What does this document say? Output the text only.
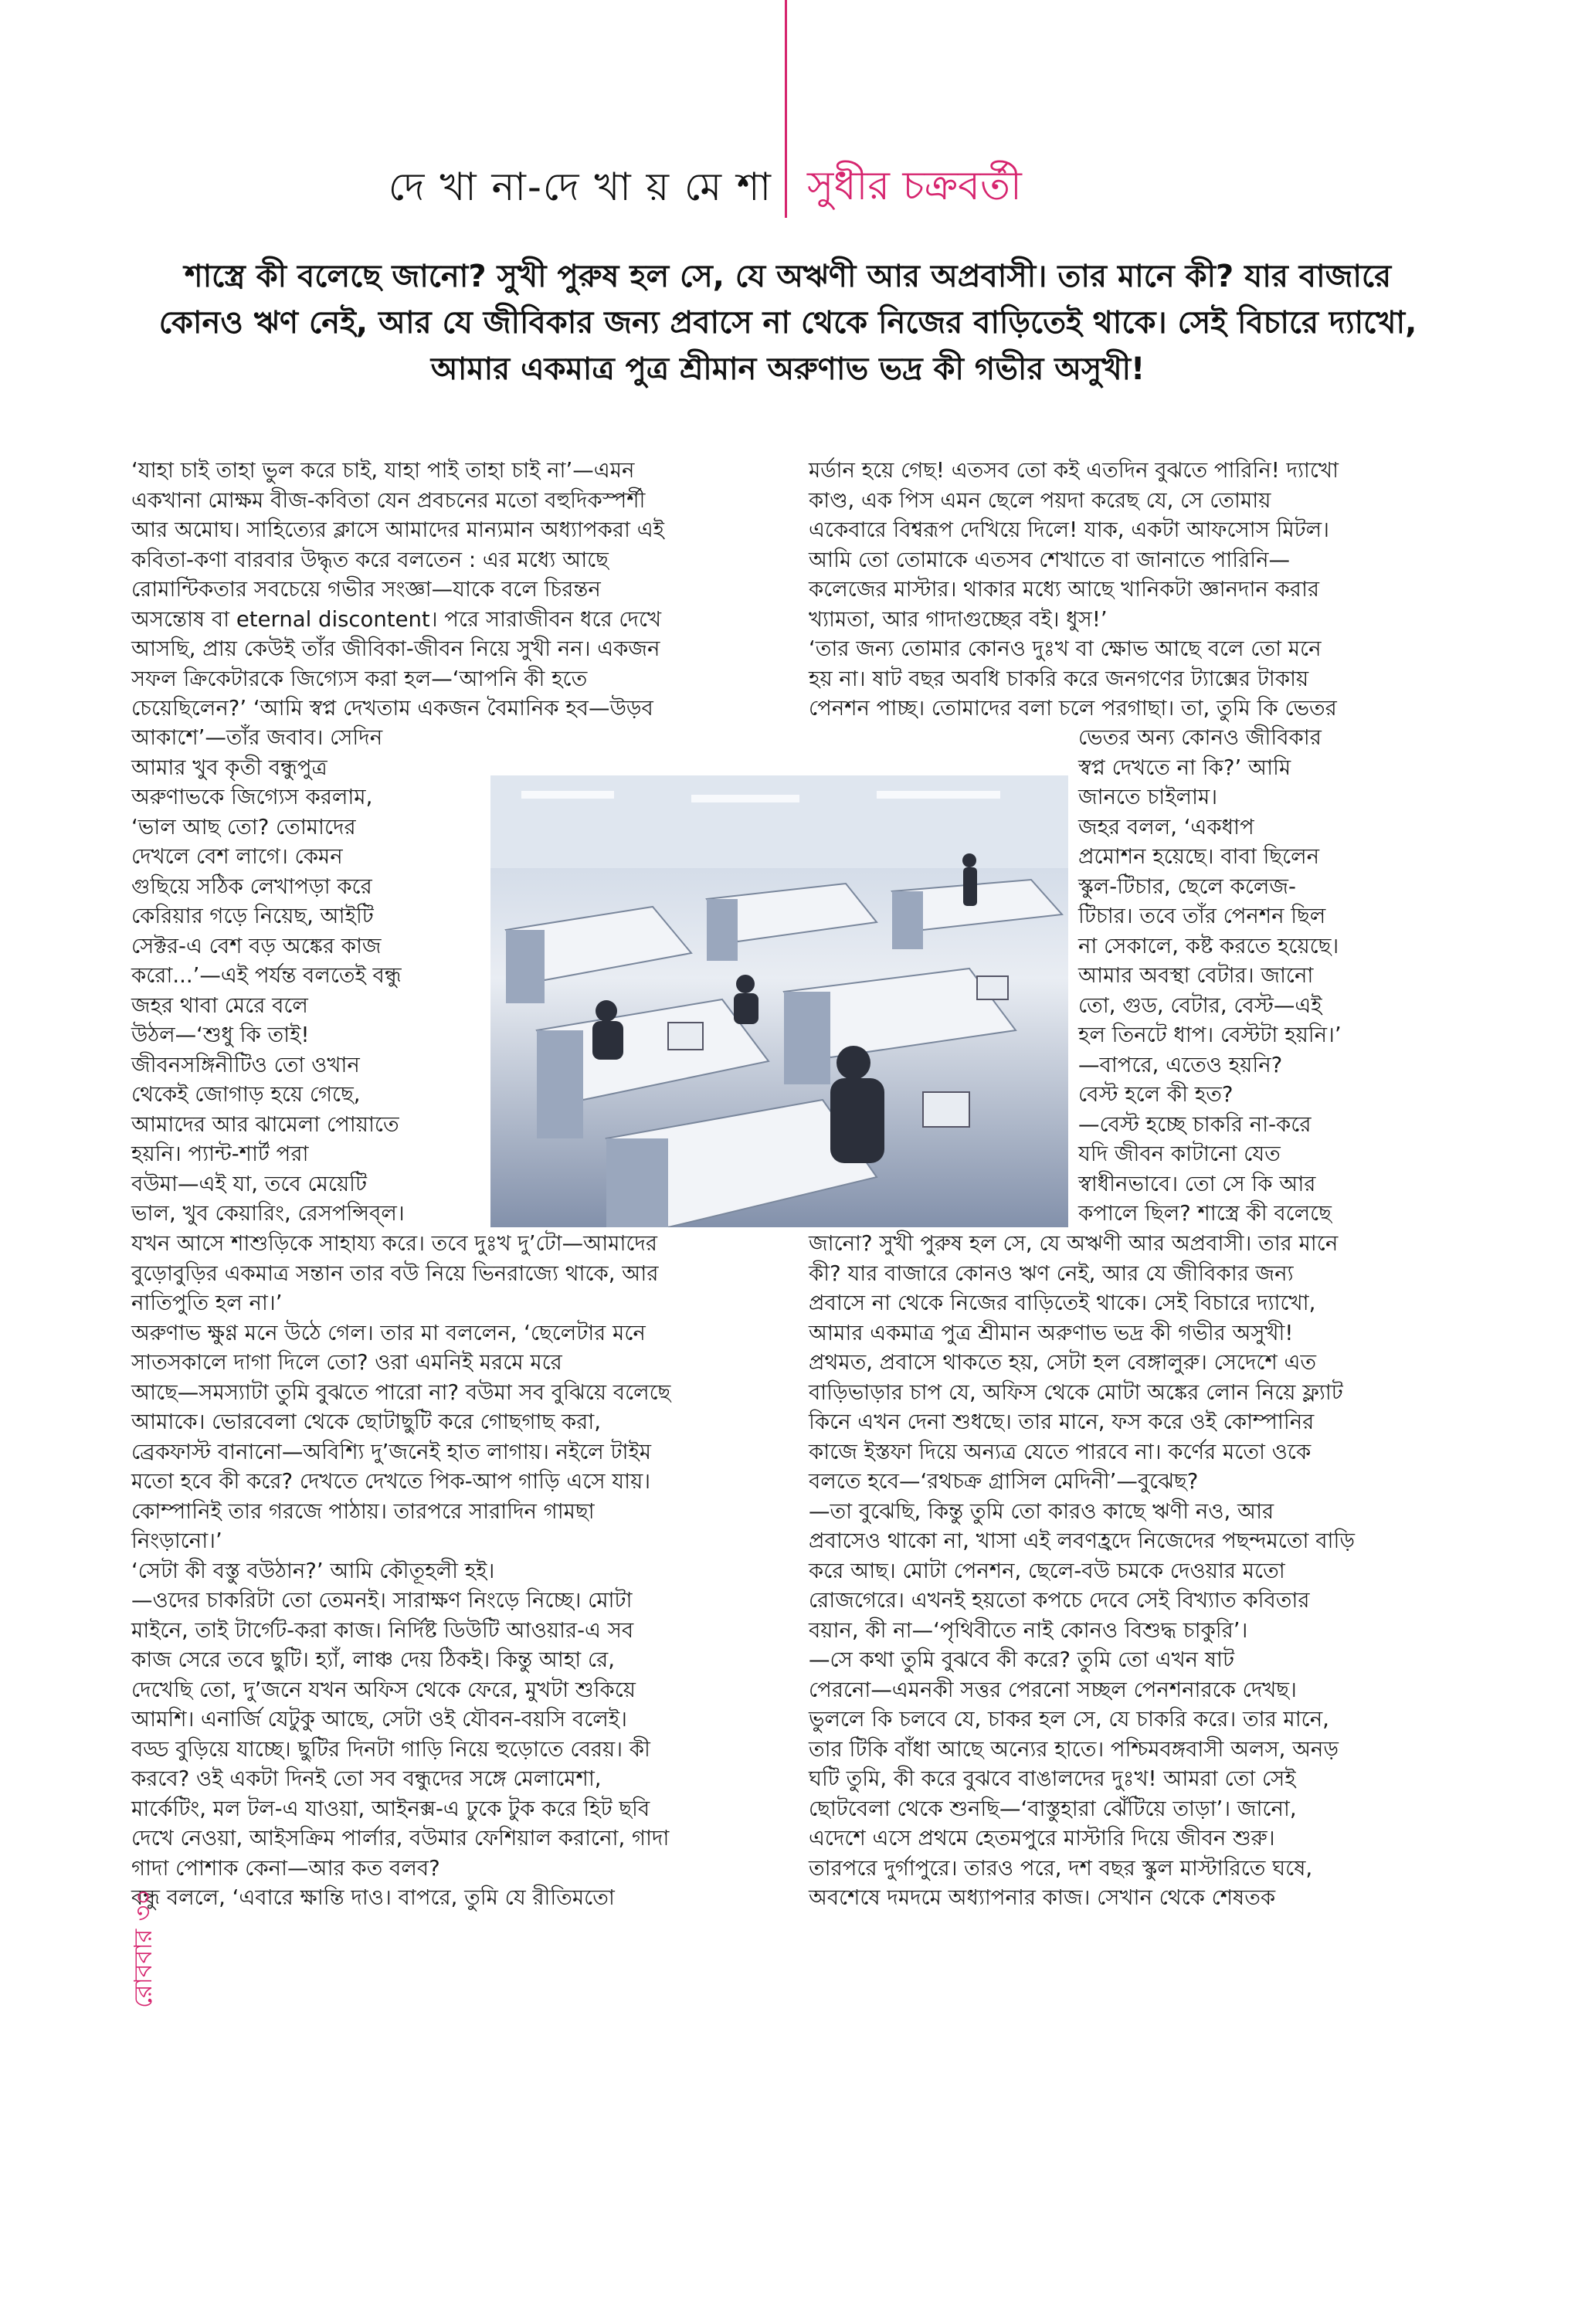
দে খা না-দে খা য় মে শা সুধীর চক্রবর্তী
শাস্ত্রে কী বলেছে জানো? সুখী পুরুষ হল সে, যে অঋণী আর অপ্রবাসী। তার মানে কী? যার বাজারে
কোনও ঋণ নেই, আর যে জীবিকার জন্য প্রবাসে না থেকে নিজের বাড়িতেই থাকে। সেই বিচারে দ্যাখো,
আমার একমাত্র পুত্র শ্রীমান অরুণাভ ভদ্র কী গভীর অসুখী!
‘যাহা চাই তাহা ভুল করে চাই, যাহা পাই তাহা চাই না’—এমন
একখানা মোক্ষম বীজ-কবিতা যেন প্রবচনের মতো বহুদিকস্পর্শী
আর অমোঘ। সাহিত্যের ক্লাসে আমাদের মান্যমান অধ্যাপকরা এই
কবিতা-কণা বারবার উদ্ধৃত করে বলতেন : এর মধ্যে আছে
রোমান্টিকতার সবচেয়ে গভীর সংজ্ঞা—যাকে বলে চিরন্তন
অসন্তোষ বা eternal discontent। পরে সারাজীবন ধরে দেখে
আসছি, প্রায় কেউই তাঁর জীবিকা-জীবন নিয়ে সুখী নন। একজন
সফল ক্রিকেটারকে জিগ্যেস করা হল—‘আপনি কী হতে
চেয়েছিলেন?’ ‘আমি স্বপ্ন দেখতাম একজন বৈমানিক হব—উড়ব
আকাশে’—তাঁর জবাব। সেদিন
আমার খুব কৃতী বন্ধুপুত্র
অরুণাভকে জিগ্যেস করলাম,
‘ভাল আছ তো? তোমাদের
দেখলে বেশ লাগে। কেমন
গুছিয়ে সঠিক লেখাপড়া করে
কেরিয়ার গড়ে নিয়েছ, আইটি
সেক্টর-এ বেশ বড় অঙ্কের কাজ
করো...’—এই পর্যন্ত বলতেই বন্ধু
জহর থাবা মেরে বলে
উঠল—‘শুধু কি তাই!
জীবনসঙ্গিনীটিও তো ওখান
থেকেই জোগাড় হয়ে গেছে,
আমাদের আর ঝামেলা পোয়াতে
হয়নি। প্যান্ট-শার্ট পরা
বউমা—এই যা, তবে মেয়েটি
ভাল, খুব কেয়ারিং, রেসপন্সিব্‌ল।
যখন আসে শাশুড়িকে সাহায্য করে। তবে দুঃখ দু’টো—আমাদের
বুড়োবুড়ির একমাত্র সন্তান তার বউ নিয়ে ভিনরাজ্যে থাকে, আর
নাতিপুতি হল না।’
অরুণাভ ক্ষুণ্ণ মনে উঠে গেল। তার মা বললেন, ‘ছেলেটার মনে
সাতসকালে দাগা দিলে তো? ওরা এমনিই মরমে মরে
আছে—সমস্যাটা তুমি বুঝতে পারো না? বউমা সব বুঝিয়ে বলেছে
আমাকে। ভোরবেলা থেকে ছোটাছুটি করে গোছগাছ করা,
ব্রেকফাস্ট বানানো—অবিশ্যি দু’জনেই হাত লাগায়। নইলে টাইম
মতো হবে কী করে? দেখতে দেখতে পিক-আপ গাড়ি এসে যায়।
কোম্পানিই তার গরজে পাঠায়। তারপরে সারাদিন গামছা
নিংড়ানো।’
‘সেটা কী বস্তু বউঠান?’ আমি কৌতূহলী হই।
—ওদের চাকরিটা তো তেমনই। সারাক্ষণ নিংড়ে নিচ্ছে। মোটা
মাইনে, তাই টার্গেট-করা কাজ। নির্দিষ্ট ডিউটি আওয়ার-এ সব
কাজ সেরে তবে ছুটি। হ্যাঁ, লাঞ্চ দেয় ঠিকই। কিন্তু আহা রে,
দেখেছি তো, দু’জনে যখন অফিস থেকে ফেরে, মুখটা শুকিয়ে
আমশি। এনার্জি যেটুকু আছে, সেটা ওই যৌবন-বয়সি বলেই।
বড্ড বুড়িয়ে যাচ্ছে। ছুটির দিনটা গাড়ি নিয়ে হুড়োতে বেরয়। কী
করবে? ওই একটা দিনই তো সব বন্ধুদের সঙ্গে মেলামেশা,
মার্কেটিং, মল টল-এ যাওয়া, আইনক্স-এ ঢুকে টুক করে হিট ছবি
দেখে নেওয়া, আইসক্রিম পার্লার, বউমার ফেশিয়াল করানো, গাদা
গাদা পোশাক কেনা—আর কত বলব?
বন্ধু বললে, ‘এবারে ক্ষান্তি দাও। বাপরে, তুমি যে রীতিমতো
মর্ডান হয়ে গেছ! এতসব তো কই এতদিন বুঝতে পারিনি! দ্যাখো
কাণ্ড, এক পিস এমন ছেলে পয়দা করেছ যে, সে তোমায়
একেবারে বিশ্বরূপ দেখিয়ে দিলে! যাক, একটা আফসোস মিটল।
আমি তো তোমাকে এতসব শেখাতে বা জানাতে পারিনি—
কলেজের মাস্টার। থাকার মধ্যে আছে খানিকটা জ্ঞানদান করার
খ্যামতা, আর গাদাগুচ্ছের বই। ধুস!’
‘তার জন্য তোমার কোনও দুঃখ বা ক্ষোভ আছে বলে তো মনে
হয় না। ষাট বছর অবধি চাকরি করে জনগণের ট্যাক্সের টাকায়
পেনশন পাচ্ছ। তোমাদের বলা চলে পরগাছা। তা, তুমি কি ভেতর
ভেতর অন্য কোনও জীবিকার
স্বপ্ন দেখতে না কি?’ আমি
জানতে চাইলাম।
জহর বলল, ‘একধাপ
প্রমোশন হয়েছে। বাবা ছিলেন
স্কুল-টিচার, ছেলে কলেজ-
টিচার। তবে তাঁর পেনশন ছিল
না সেকালে, কষ্ট করতে হয়েছে।
আমার অবস্থা বেটার। জানো
তো, গুড, বেটার, বেস্ট—এই
হল তিনটে ধাপ। বেস্টটা হয়নি।’
—বাপরে, এতেও হয়নি?
বেস্ট হলে কী হত?
—বেস্ট হচ্ছে চাকরি না-করে
যদি জীবন কাটানো যেত
স্বাধীনভাবে। তো সে কি আর
কপালে ছিল? শাস্ত্রে কী বলেছে
জানো? সুখী পুরুষ হল সে, যে অঋণী আর অপ্রবাসী। তার মানে
কী? যার বাজারে কোনও ঋণ নেই, আর যে জীবিকার জন্য
প্রবাসে না থেকে নিজের বাড়িতেই থাকে। সেই বিচারে দ্যাখো,
আমার একমাত্র পুত্র শ্রীমান অরুণাভ ভদ্র কী গভীর অসুখী!
প্রথমত, প্রবাসে থাকতে হয়, সেটা হল বেঙ্গালুরু। সেদেশে এত
বাড়িভাড়ার চাপ যে, অফিস থেকে মোটা অঙ্কের লোন নিয়ে ফ্ল্যাট
কিনে এখন দেনা শুধছে। তার মানে, ফস করে ওই কোম্পানির
কাজে ইস্তফা দিয়ে অন্যত্র যেতে পারবে না। কর্ণের মতো ওকে
বলতে হবে—‘রথচক্র গ্রাসিল মেদিনী’—বুঝেছ?
—তা বুঝেছি, কিন্তু তুমি তো কারও কাছে ঋণী নও, আর
প্রবাসেও থাকো না, খাসা এই লবণহ্রদে নিজেদের পছন্দমতো বাড়ি
করে আছ। মোটা পেনশন, ছেলে-বউ চমকে দেওয়ার মতো
রোজগেরে। এখনই হয়তো কপচে দেবে সেই বিখ্যাত কবিতার
বয়ান, কী না—‘পৃথিবীতে নাই কোনও বিশুদ্ধ চাকুরি’।
—সে কথা তুমি বুঝবে কী করে? তুমি তো এখন ষাট
পেরনো—এমনকী সত্তর পেরনো সচ্ছল পেনশনারকে দেখছ।
ভুললে কি চলবে যে, চাকর হল সে, যে চাকরি করে। তার মানে,
তার টিকি বাঁধা আছে অন্যের হাতে। পশ্চিমবঙ্গবাসী অলস, অনড়
ঘটি তুমি, কী করে বুঝবে বাঙালদের দুঃখ! আমরা তো সেই
ছোটবেলা থেকে শুনছি—‘বাস্তুহারা ঝেঁটিয়ে তাড়া’। জানো,
এদেশে এসে প্রথমে হেতমপুরে মাস্টারি দিয়ে জীবন শুরু।
তারপরে দুর্গাপুরে। তারও পরে, দশ বছর স্কুল মাস্টারিতে ঘষে,
অবশেষে দমদমে অধ্যাপনার কাজ। সেখান থেকে শেষতক
রোববার ৩০
